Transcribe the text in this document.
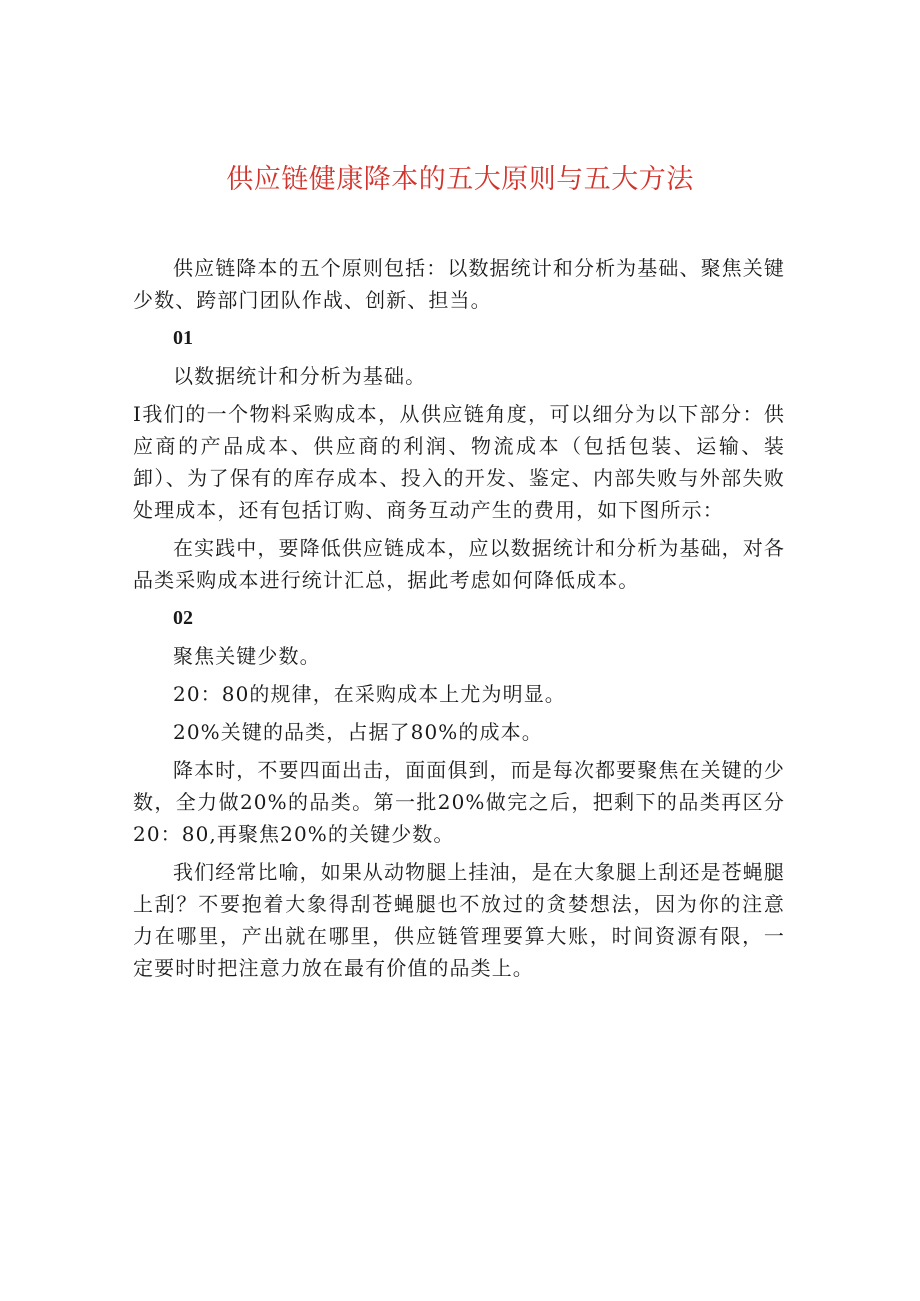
供应链健康降本的五大原则与五大方法

供应链降本的五个原则包括：以数据统计和分析为基础、聚焦关键少数、跨部门团队作战、创新、担当。

01

以数据统计和分析为基础。

I我们的一个物料采购成本，从供应链角度，可以细分为以下部分：供应商的产品成本、供应商的利润、物流成本（包括包装、运输、装卸）、为了保有的库存成本、投入的开发、鉴定、内部失败与外部失败处理成本，还有包括订购、商务互动产生的费用，如下图所示：

在实践中，要降低供应链成本，应以数据统计和分析为基础，对各品类采购成本进行统计汇总，据此考虑如何降低成本。

02

聚焦关键少数。

20：80的规律，在采购成本上尤为明显。

20%关键的品类，占据了80%的成本。

降本时，不要四面出击，面面俱到，而是每次都要聚焦在关键的少数，全力做20%的品类。第一批20%做完之后，把剩下的品类再区分20：80,再聚焦20%的关键少数。

我们经常比喻，如果从动物腿上挂油，是在大象腿上刮还是苍蝇腿上刮？不要抱着大象得刮苍蝇腿也不放过的贪婪想法，因为你的注意力在哪里，产出就在哪里，供应链管理要算大账，时间资源有限，一定要时时把注意力放在最有价值的品类上。
